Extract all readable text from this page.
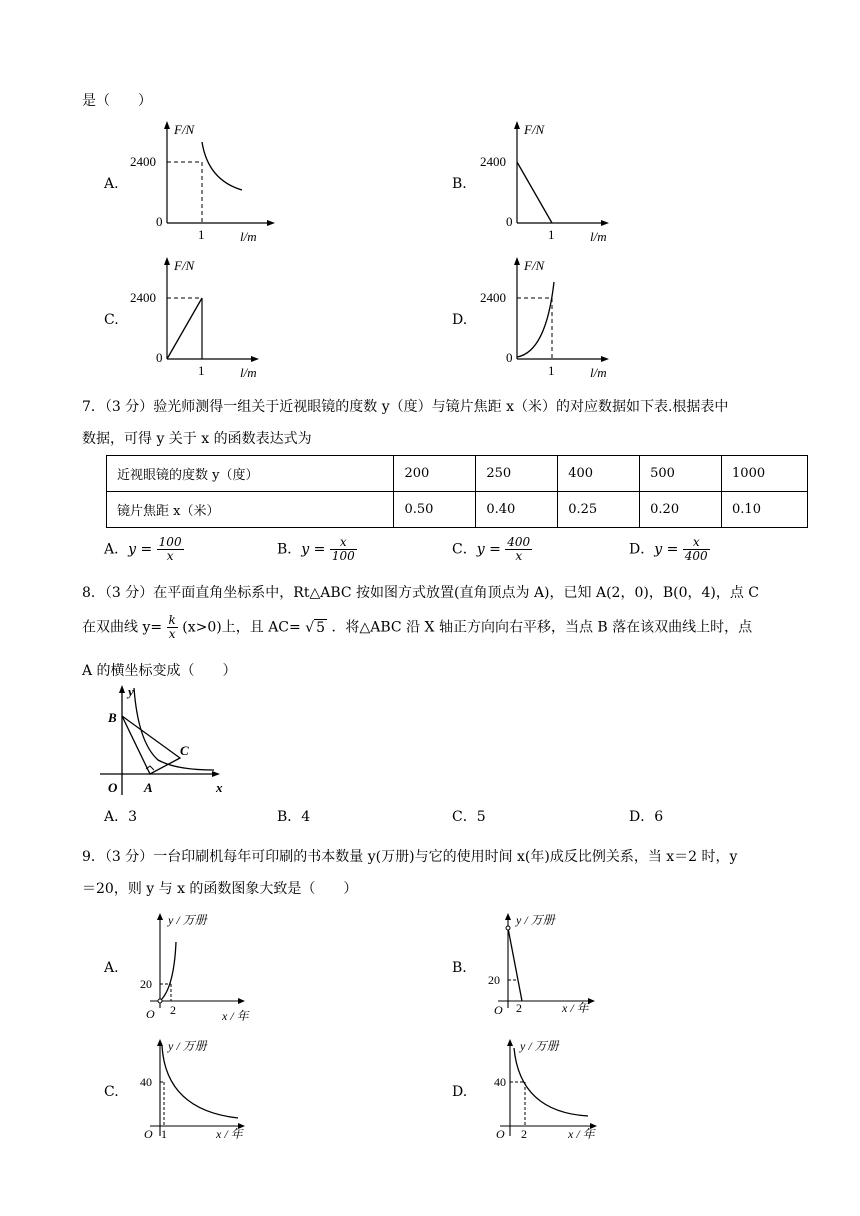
是（　　）
A.
F/N
2400
0
1	l/m
B.
F/N
2400
0
1	l/m
C.
F/N
2400
0
1	l/m
D.
F/N
2400
0
1	l/m
7．（3 分）验光师测得一组关于近视眼镜的度数 y（度）与镜片焦距 x（米）的对应数据如下表.根据表中
数据，可得 y 关于 x 的函数表达式为
近视眼镜的度数 y（度）	200	250	400	500	1000
镜片焦距 x（米）	0.50	0.40	0.25	0.20	0.10
A．$y = \frac{100}{x}$	B．$y = \frac{x}{100}$	C．$y = \frac{400}{x}$	D．$y = \frac{x}{400}$
8．（3 分）在平面直角坐标系中，Rt△ABC 按如图方式放置(直角顶点为 A)，已知 A(2，0)，B(0，4)，点 C
在双曲线 $y= \frac{k}{x} (x>0)$上，且 AC= √ 5 ．将△ABC 沿 X 轴正方向向右平移，当点 B 落在该双曲线上时，点
A 的横坐标变成（　　）
y
x
O A
B
C
A．3	B．4	C．5	D．6
9．（3 分）一台印刷机每年可印刷的书本数量 y(万册)与它的使用时间 x(年)成反比例关系，当 x＝2 时，y
＝20，则 y 与 x 的函数图象大致是（　　）
A.
y / 万册
20
O 2	x / 年
B.
y / 万册
20
O 2	x / 年
C.
y / 万册
40
O 1	x / 年
D.
y / 万册
40
O 2	x / 年
